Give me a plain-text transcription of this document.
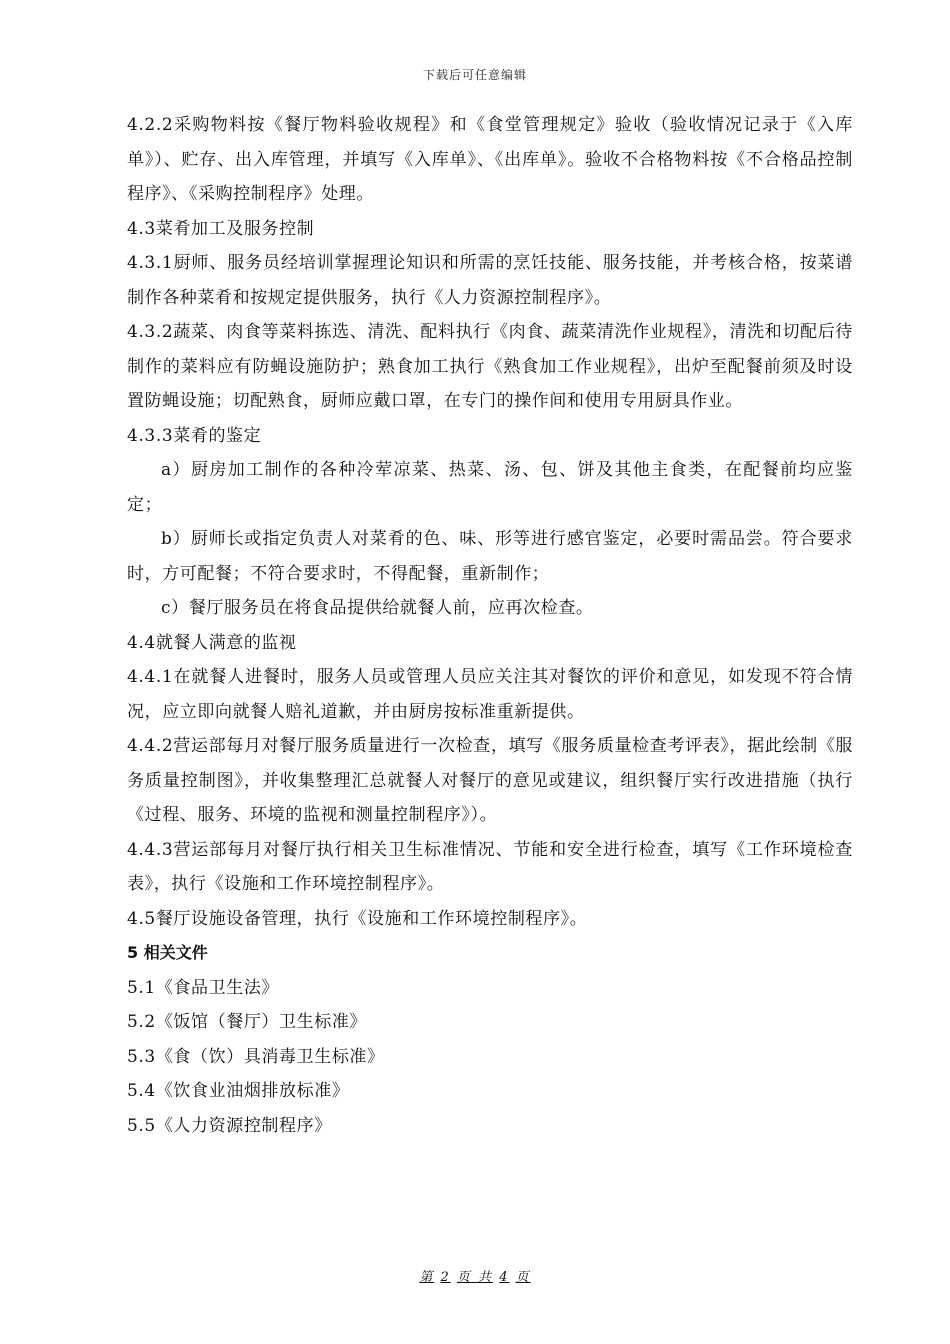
下载后可任意编辑

4.2.2采购物料按《餐厅物料验收规程》和《食堂管理规定》验收（验收情况记录于《入库单》）、贮存、出入库管理，并填写《入库单》、《出库单》。验收不合格物料按《不合格品控制程序》、《采购控制程序》处理。

4.3菜肴加工及服务控制

4.3.1厨师、服务员经培训掌握理论知识和所需的烹饪技能、服务技能，并考核合格，按菜谱制作各种菜肴和按规定提供服务，执行《人力资源控制程序》。

4.3.2蔬菜、肉食等菜料拣选、清洗、配料执行《肉食、蔬菜清洗作业规程》，清洗和切配后待制作的菜料应有防蝇设施防护；熟食加工执行《熟食加工作业规程》，出炉至配餐前须及时设置防蝇设施；切配熟食，厨师应戴口罩，在专门的操作间和使用专用厨具作业。

4.3.3菜肴的鉴定

a）厨房加工制作的各种冷荤凉菜、热菜、汤、包、饼及其他主食类，在配餐前均应鉴定；

b）厨师长或指定负责人对菜肴的色、味、形等进行感官鉴定，必要时需品尝。符合要求时，方可配餐；不符合要求时，不得配餐，重新制作；

c）餐厅服务员在将食品提供给就餐人前，应再次检查。

4.4就餐人满意的监视

4.4.1在就餐人进餐时，服务人员或管理人员应关注其对餐饮的评价和意见，如发现不符合情况，应立即向就餐人赔礼道歉，并由厨房按标准重新提供。

4.4.2营运部每月对餐厅服务质量进行一次检查，填写《服务质量检查考评表》，据此绘制《服务质量控制图》，并收集整理汇总就餐人对餐厅的意见或建议，组织餐厅实行改进措施（执行《过程、服务、环境的监视和测量控制程序》）。

4.4.3营运部每月对餐厅执行相关卫生标准情况、节能和安全进行检查，填写《工作环境检查表》，执行《设施和工作环境控制程序》。

4.5餐厅设施设备管理，执行《设施和工作环境控制程序》。

5 相关文件

5.1《食品卫生法》

5.2《饭馆（餐厅）卫生标准》

5.3《食（饮）具消毒卫生标准》

5.4《饮食业油烟排放标准》

5.5《人力资源控制程序》

第 2 页 共 4 页
